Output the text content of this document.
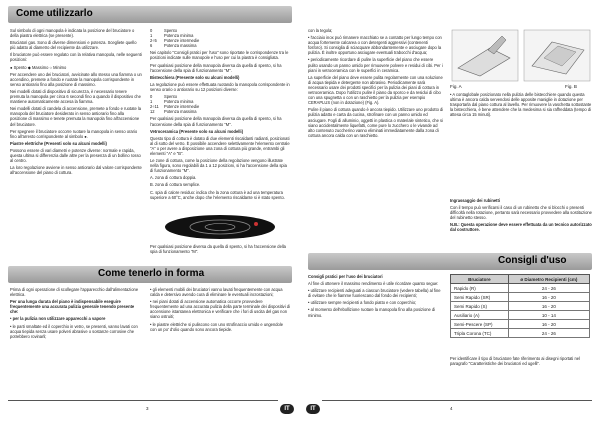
Come utilizzarlo

Sul simbolo di ogni manopola è indicata la posizione del bruciatore o della piastra elettrica (se presente).

Bruciatori gas. Sono di diverse dimensioni e potenza. Scegliete quello più adatto al diametro del recipiente da utilizzare.

Il bruciatore può essere regolato con la relativa manopola, nelle seguenti posizioni:

● Spento ◆ Massimo ○ Minimo

Per accendere uno dei bruciatori, avvicinate allo stesso una fiamma o un accendino, premete a fondo e ruotate la manopola corrispondente in senso antiorario fino alla posizione di massimo.

Nei modelli dotati di dispositivo di sicurezza, è necessario tenere premuta la manopola per circa 6 secondi fino a quando il dispositivo che mantiene automaticamente accesa la fiamma.

Nei modelli dotati di candela di accensione, premete a fondo e ruotate la manopola del bruciatore desiderato in senso antiorario fino alla posizione di massimo e tenete premuta la manopola fino all'accensione del bruciatore.

Per spegnere il bruciatore occorre ruotare la manopola in senso orario fino all'arresto corrispondente al simbolo ●.

Piastre elettriche (Presenti solo su alcuni modelli)

Possono essere di vari diametri e potenze diverse: normale e rapida, questa ultima si differenzia dalle altre per la presenza di un bollino rosso al centro.

La loro regolazione avviene in senso antiorario dal valore corrispondente all'accensione del piano di cottura.

0	Spento
1	Potenza minima
2÷5 Potenze intermedie
6	Potenza massima

Nei capitolo "Consigli pratici per l'uso" sono riportate le corrispondenze tra le posizioni indicate sulle manopole e l'uso per cui la piastra è consigliata.

Per qualsiasi posizione della manopola diversa da quella di spento, si ha l'accensione della spia di funzionamento "M".

Bistecchiera (Presente solo su alcuni modelli)

La regolazione può essere effettuata ruotando la manopola corrispondente in senso orario o antiorario su 12 posizioni diverse:

0	Spento
1	Potenza minima
2÷11 Potenze intermedie
12 Potenza massima

Per qualsiasi posizione della manopola diversa da quella di spento, si ha l'accensione della spia di funzionamento "M".

Vetroceramica (Presente solo su alcuni modelli)

Questo tipo di cottura è dotato di due elementi riscaldanti radianti, posizionati al di sotto del vetro. È possibile accendere selettivamente l'elemento centrale "A" o per avere a disposizione una zona di cottura più grande, entrambi gli elementi "A" e "B".

Le zone di cottura, come la posizione della regolazione vengono illustrate nella figura, sono regolabili da 1 a 12 posizioni, si ha l'accensione della spia di funzionamento "M".

A. zona di cottura doppia.

B. zona di cottura semplice.

C. spia di calore residuo: indica che la zona cottura è ad una temperatura superiore a 60°C, anche dopo che l'elemento riscaldante si è stato spento.

Per qualsiasi posizione diversa da quella di spento, si ha l'accensione della spia di funzionamento "M".

Come tenerlo in forma

Prima di ogni operazione di scollegare l'apparecchio dall'alimentazione elettrica.

Per una lunga durata del piano è indispensabile eseguire frequentemente una accurata pulizia generale tenendo presente che:

• per la pulizia non utilizzare apparecchi a vapore

• le parti smaltate ed il coperchio in vetro, se presenti, vanno lavati con acqua tiepida senza usare polveri abrasive o sostanze corrosive che potrebbero rovinarli;

• gli elementi mobili dei bruciatori vanno lavati frequentemente con acqua calda e detersivo avendo cura di eliminare le eventuali incrostazioni;

• nei piani dotati di accensione automatica occorre provvedere frequentemente ad una accurata pulizia della parte terminale dei dispositivi di accensione istantanea elettronica e verificare che i fori di uscita del gas non siano ostruiti;

• le piastre elettriche si puliscono con uno strofinaccio umido e ungendole con un po' d'olio quando sono ancora tiepide.

3	IT

con la tegola;

• l'acciaio inox può rimanere macchiato se a contatto per lungo tempo con acqua fortemente calcarea o con detergenti aggressivi (contenenti fosforo). Si consiglia di sciacquare abbondantemente e asciugare dopo la pulizia. È inoltre opportuno asciugare eventuali trabocchi d'acqua;

• periodicamente ricordare di pulire la superficie del piano che essere pulito usando un panno umido per rimuovere polvere e residui di cibi. Per i piani in vetroceramica con le superfici in ceramica.

La superficie del piano deve essere pulita regolarmente con una soluzione di acqua tiepida e detergente non abrasivo. Periodicamente sarà necessario usare dei prodotti specifici per la pulizia dei piani di cottura in vetroceramica. Dopo l'utilizzo pulire il piano da sporco e da residui di cibo con una spugnetta o con un raschietto per la pulizia per esempio CERAPLUS (non in dotazione) (Fig. A).

Pulire il piano di cottura quando è ancora tiepido. Utilizzare uno prodotto di pulizia adatto e carta da cucina, strofinare con un panno umido ed asciugare. Fogli di alluminio, oggetti in plastica o materiale sintetico, che si siano accidentalmente liquefatti, come pure lo zucchero o le vivande ad alto contenuto zuccherino vanno eliminati immediatamente dalla zona di cottura ancora calda con un raschietto.

Fig. A	Fig. B

• A contaglobale posizionato nella pulizia delle bistecchiere quando questa ultima è ancora calda servendosi delle apposite maniglie in dotazione per trasportarla dal piano cottura al lavello. Per rimuovere la vaschetta sottostante la bistecchiera, è bene attendere che la medesima si sia raffreddata (tempo di attesa circa 15 minuti).

Ingrassaggio dei rubinetti

Con il tempo può verificarsi il caso di un rubinetto che si blocchi o presenti difficoltà nella rotazione, pertanto sarà necessario provvedere alla sostituzione del rubinetto stesso.

N.B.: Questa operazione deve essere effettuata da un tecnico autorizzato dal costruttore.

Consigli d'uso

Consigli pratici per l'uso dei bruciatori

Al fine di ottenere il massimo rendimento è utile ricordare quanto segue:

• utilizzare recipienti adeguati a ciascun bruciatore (vedere tabella) al fine di evitare che le fiamme fuoriescano dal fondo dei recipienti;

• utilizzare sempre recipienti a fondo piatto e con coperchio;

• al momento dell'ebollizione ruotare la manopola fino alla posizione di minimo.

Bruciatore	ø Diametro Recipienti (cm)
Rapido (R)	24 - 26
Semi Rapido (SR)	16 - 20
Semi Rapido (S)	16 - 20
Ausiliario (A)	10 - 14
Semi-Pescere (SP)	16 - 20
Tripla Corona (TC)	24 - 26

Per identificare il tipo di bruciatore fate riferimento ai disegni riportati nel paragrafo "Caratteristiche dei bruciatori ed ugelli".

IT	4
